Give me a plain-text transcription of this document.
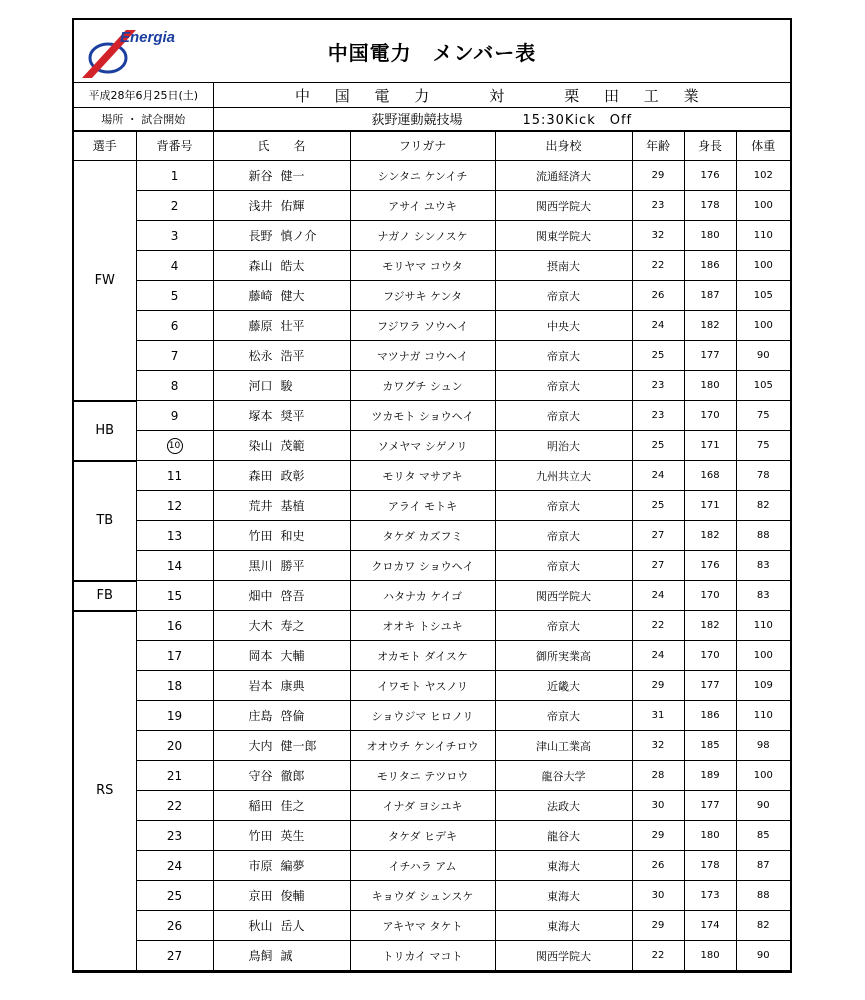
Energia
中国電力　メンバー表
平成28年6月25日(土)		中 国 電 力　　対　　栗 田 工 業					
場所 ・ 試合開始		荻野運動競技場 15:30Kick　Off					
選手	背番号	氏　　名	フリガナ	出身校	年齢	身長	体重
FW	1	新谷 健一	シンタニ ケンイチ	流通経済大	29	176	102
	2	浅井 佑輝	アサイ ユウキ	関西学院大	23	178	100
	3	長野 慎ノ介	ナガノ シンノスケ	関東学院大	32	180	110
	4	森山 皓太	モリヤマ コウタ	摂南大	22	186	100
	5	藤崎 健大	フジサキ ケンタ	帝京大	26	187	105
	6	藤原 壮平	フジワラ ソウヘイ	中央大	24	182	100
	7	松永 浩平	マツナガ コウヘイ	帝京大	25	177	90
	8	河口 駿	カワグチ シュン	帝京大	23	180	105
HB	9	塚本 奨平	ツカモト ショウヘイ	帝京大	23	170	75
	10	染山 茂範	ソメヤマ シゲノリ	明治大	25	171	75
TB	11	森田 政彰	モリタ マサアキ	九州共立大	24	168	78
	12	荒井 基植	アライ モトキ	帝京大	25	171	82
	13	竹田 和史	タケダ カズフミ	帝京大	27	182	88
	14	黒川 勝平	クロカワ ショウヘイ	帝京大	27	176	83
FB	15	畑中 啓吾	ハタナカ ケイゴ	関西学院大	24	170	83
RS	16	大木 寿之	オオキ トシユキ	帝京大	22	182	110
	17	岡本 大輔	オカモト ダイスケ	御所実業高	24	170	100
	18	岩本 康典	イワモト ヤスノリ	近畿大	29	177	109
	19	庄島 啓倫	ショウジマ ヒロノリ	帝京大	31	186	110
	20	大内 健一郎	オオウチ ケンイチロウ	津山工業高	32	185	98
	21	守谷 徹郎	モリタニ テツロウ	龍谷大学	28	189	100
	22	稲田 佳之	イナダ ヨシユキ	法政大	30	177	90
	23	竹田 英生	タケダ ヒデキ	龍谷大	29	180	85
	24	市原 編夢	イチハラ アム	東海大	26	178	87
	25	京田 俊輔	キョウダ シュンスケ	東海大	30	173	88
	26	秋山 岳人	アキヤマ タケト	東海大	29	174	82
	27	鳥飼 誠	トリカイ マコト	関西学院大	22	180	90
